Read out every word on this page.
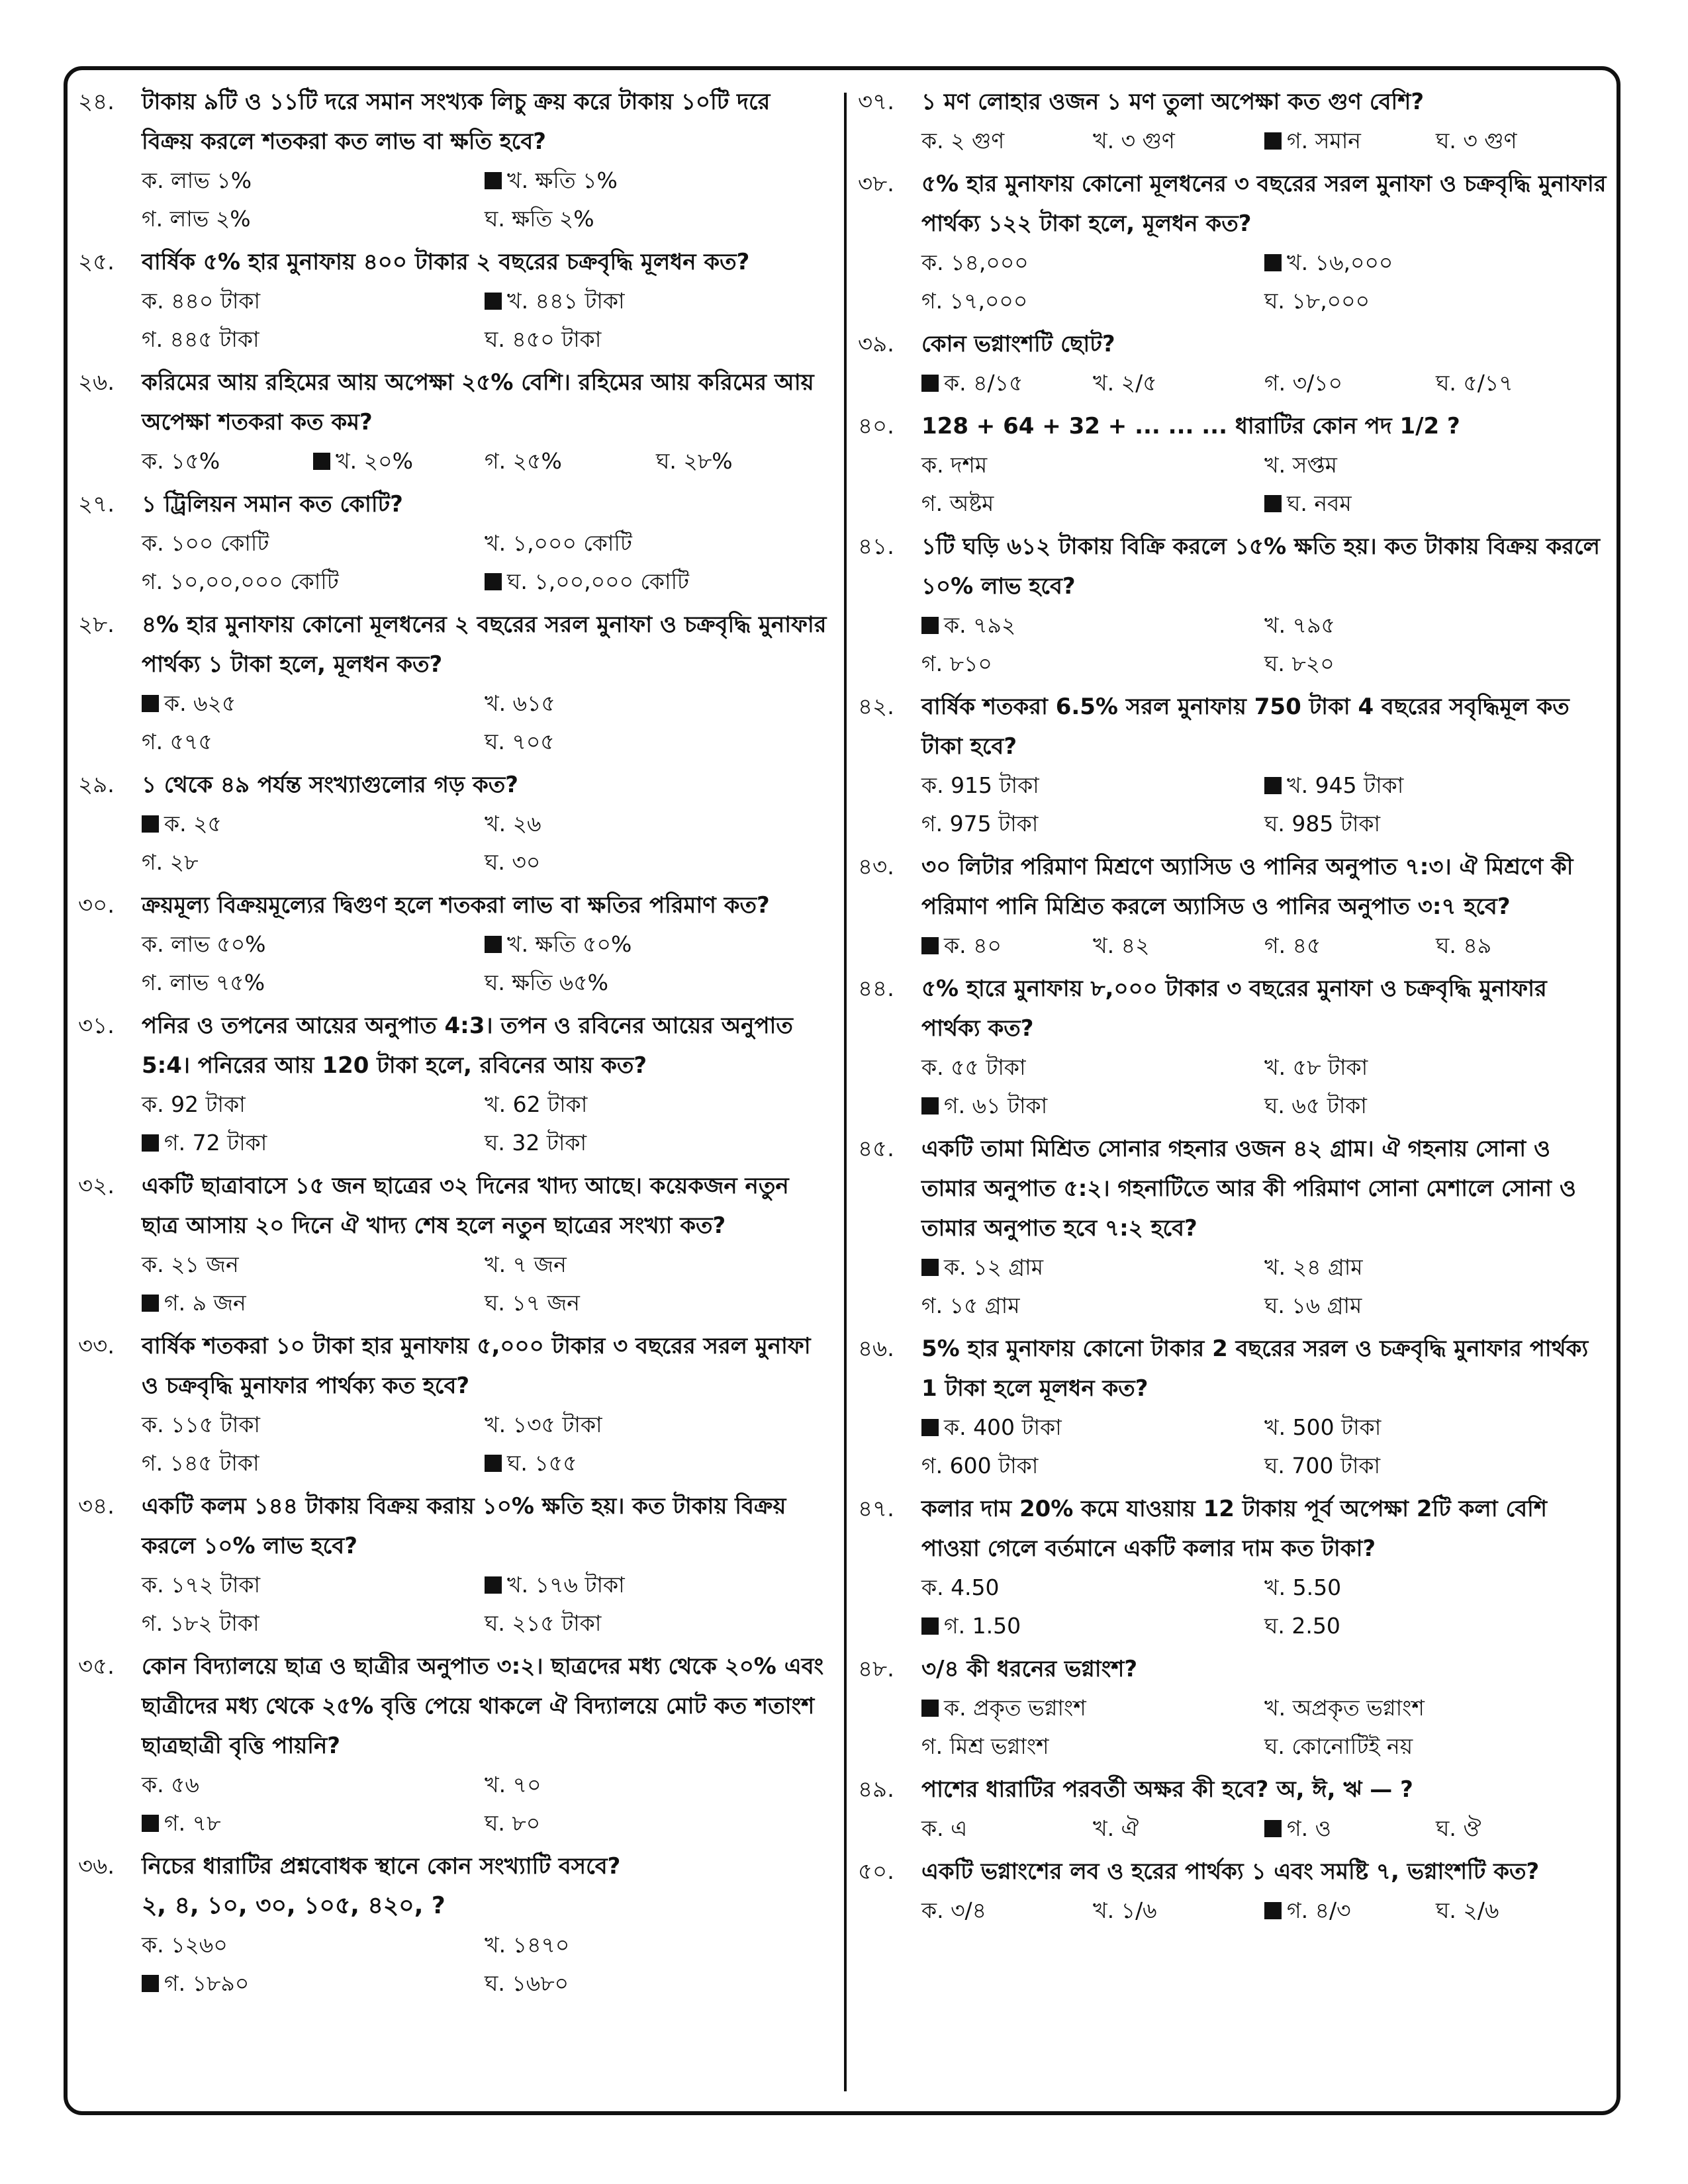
২৪.	টাকায় ৯টি ও ১১টি দরে সমান সংখ্যক লিচু ক্রয় করে টাকায় ১০টি দরে বিক্রয় করলে শতকরা কত লাভ বা ক্ষতি হবে?
ক. লাভ ১%	খ. ক্ষতি ১%
গ. লাভ ২%	ঘ. ক্ষতি ২%
২৫.	বার্ষিক ৫% হার মুনাফায় ৪০০ টাকার ২ বছরের চক্রবৃদ্ধি মূলধন কত?
ক. ৪৪০ টাকা	খ. ৪৪১ টাকা
গ. ৪৪৫ টাকা	ঘ. ৪৫০ টাকা
২৬.	করিমের আয় রহিমের আয় অপেক্ষা ২৫% বেশি। রহিমের আয় করিমের আয় অপেক্ষা শতকরা কত কম?
ক. ১৫%	খ. ২০%	গ. ২৫%	ঘ. ২৮%
২৭.	১ ট্রিলিয়ন সমান কত কোটি?
ক. ১০০ কোটি	খ. ১,০০০ কোটি
গ. ১০,০০,০০০ কোটি	ঘ. ১,০০,০০০ কোটি
২৮.	৪% হার মুনাফায় কোনো মূলধনের ২ বছরের সরল মুনাফা ও চক্রবৃদ্ধি মুনাফার পার্থক্য ১ টাকা হলে, মূলধন কত?
ক. ৬২৫	খ. ৬১৫
গ. ৫৭৫	ঘ. ৭০৫
২৯.	১ থেকে ৪৯ পর্যন্ত সংখ্যাগুলোর গড় কত?
ক. ২৫	খ. ২৬
গ. ২৮	ঘ. ৩০
৩০.	ক্রয়মূল্য বিক্রয়মূল্যের দ্বিগুণ হলে শতকরা লাভ বা ক্ষতির পরিমাণ কত?
ক. লাভ ৫০%	খ. ক্ষতি ৫০%
গ. লাভ ৭৫%	ঘ. ক্ষতি ৬৫%
৩১.	পনির ও তপনের আয়ের অনুপাত 4:3। তপন ও রবিনের আয়ের অনুপাত 5:4। পনিরের আয় 120 টাকা হলে, রবিনের আয় কত?
ক. 92 টাকা	খ. 62 টাকা
গ. 72 টাকা	ঘ. 32 টাকা
৩২.	একটি ছাত্রাবাসে ১৫ জন ছাত্রের ৩২ দিনের খাদ্য আছে। কয়েকজন নতুন ছাত্র আসায় ২০ দিনে ঐ খাদ্য শেষ হলে নতুন ছাত্রের সংখ্যা কত?
ক. ২১ জন	খ. ৭ জন
গ. ৯ জন	ঘ. ১৭ জন
৩৩.	বার্ষিক শতকরা ১০ টাকা হার মুনাফায় ৫,০০০ টাকার ৩ বছরের সরল মুনাফা ও চক্রবৃদ্ধি মুনাফার পার্থক্য কত হবে?
ক. ১১৫ টাকা	খ. ১৩৫ টাকা
গ. ১৪৫ টাকা	ঘ. ১৫৫
৩৪.	একটি কলম ১৪৪ টাকায় বিক্রয় করায় ১০% ক্ষতি হয়। কত টাকায় বিক্রয় করলে ১০% লাভ হবে?
ক. ১৭২ টাকা	খ. ১৭৬ টাকা
গ. ১৮২ টাকা	ঘ. ২১৫ টাকা
৩৫.	কোন বিদ্যালয়ে ছাত্র ও ছাত্রীর অনুপাত ৩:২। ছাত্রদের মধ্য থেকে ২০% এবং ছাত্রীদের মধ্য থেকে ২৫% বৃত্তি পেয়ে থাকলে ঐ বিদ্যালয়ে মোট কত শতাংশ ছাত্রছাত্রী বৃত্তি পায়নি?
ক. ৫৬	খ. ৭০
গ. ৭৮	ঘ. ৮০
৩৬.	নিচের ধারাটির প্রশ্নবোধক স্থানে কোন সংখ্যাটি বসবে?
২, ৪, ১০, ৩০, ১০৫, ৪২০, ?
ক. ১২৬০	খ. ১৪৭০
গ. ১৮৯০	ঘ. ১৬৮০
৩৭.	১ মণ লোহার ওজন ১ মণ তুলা অপেক্ষা কত গুণ বেশি?
ক. ২ গুণ	খ. ৩ গুণ	গ. সমান	ঘ. ৩ গুণ
৩৮.	৫% হার মুনাফায় কোনো মূলধনের ৩ বছরের সরল মুনাফা ও চক্রবৃদ্ধি মুনাফার পার্থক্য ১২২ টাকা হলে, মূলধন কত?
ক. ১৪,০০০	খ. ১৬,০০০
গ. ১৭,০০০	ঘ. ১৮,০০০
৩৯.	কোন ভগ্নাংশটি ছোট?
ক. ৪/১৫	খ. ২/৫	গ. ৩/১০	ঘ. ৫/১৭
৪০.	128 + 64 + 32 + ... ... ... ধারাটির কোন পদ 1/2 ?
ক. দশম	খ. সপ্তম
গ. অষ্টম	ঘ. নবম
৪১.	১টি ঘড়ি ৬১২ টাকায় বিক্রি করলে ১৫% ক্ষতি হয়। কত টাকায় বিক্রয় করলে ১০% লাভ হবে?
ক. ৭৯২	খ. ৭৯৫
গ. ৮১০	ঘ. ৮২০
৪২.	বার্ষিক শতকরা 6.5% সরল মুনাফায় 750 টাকা 4 বছরের সবৃদ্ধিমূল কত টাকা হবে?
ক. 915 টাকা	খ. 945 টাকা
গ. 975 টাকা	ঘ. 985 টাকা
৪৩.	৩০ লিটার পরিমাণ মিশ্রণে অ্যাসিড ও পানির অনুপাত ৭:৩। ঐ মিশ্রণে কী পরিমাণ পানি মিশ্রিত করলে অ্যাসিড ও পানির অনুপাত ৩:৭ হবে?
ক. ৪০	খ. ৪২	গ. ৪৫	ঘ. ৪৯
৪৪.	৫% হারে মুনাফায় ৮,০০০ টাকার ৩ বছরের মুনাফা ও চক্রবৃদ্ধি মুনাফার পার্থক্য কত?
ক. ৫৫ টাকা	খ. ৫৮ টাকা
গ. ৬১ টাকা	ঘ. ৬৫ টাকা
৪৫.	একটি তামা মিশ্রিত সোনার গহনার ওজন ৪২ গ্রাম। ঐ গহনায় সোনা ও তামার অনুপাত ৫:২। গহনাটিতে আর কী পরিমাণ সোনা মেশালে সোনা ও তামার অনুপাত হবে ৭:২ হবে?
ক. ১২ গ্রাম	খ. ২৪ গ্রাম
গ. ১৫ গ্রাম	ঘ. ১৬ গ্রাম
৪৬.	5% হার মুনাফায় কোনো টাকার 2 বছরের সরল ও চক্রবৃদ্ধি মুনাফার পার্থক্য 1 টাকা হলে মূলধন কত?
ক. 400 টাকা	খ. 500 টাকা
গ. 600 টাকা	ঘ. 700 টাকা
৪৭.	কলার দাম 20% কমে যাওয়ায় 12 টাকায় পূর্ব অপেক্ষা 2টি কলা বেশি পাওয়া গেলে বর্তমানে একটি কলার দাম কত টাকা?
ক. 4.50	খ. 5.50
গ. 1.50	ঘ. 2.50
৪৮.	৩/৪ কী ধরনের ভগ্নাংশ?
ক. প্রকৃত ভগ্নাংশ	খ. অপ্রকৃত ভগ্নাংশ
গ. মিশ্র ভগ্নাংশ	ঘ. কোনোটিই নয়
৪৯.	পাশের ধারাটির পরবর্তী অক্ষর কী হবে? অ, ঈ, ঋ — ?
ক. এ	খ. ঐ	গ. ও	ঘ. ঔ
৫০.	একটি ভগ্নাংশের লব ও হরের পার্থক্য ১ এবং সমষ্টি ৭, ভগ্নাংশটি কত?
ক. ৩/৪	খ. ১/৬	গ. ৪/৩	ঘ. ২/৬
